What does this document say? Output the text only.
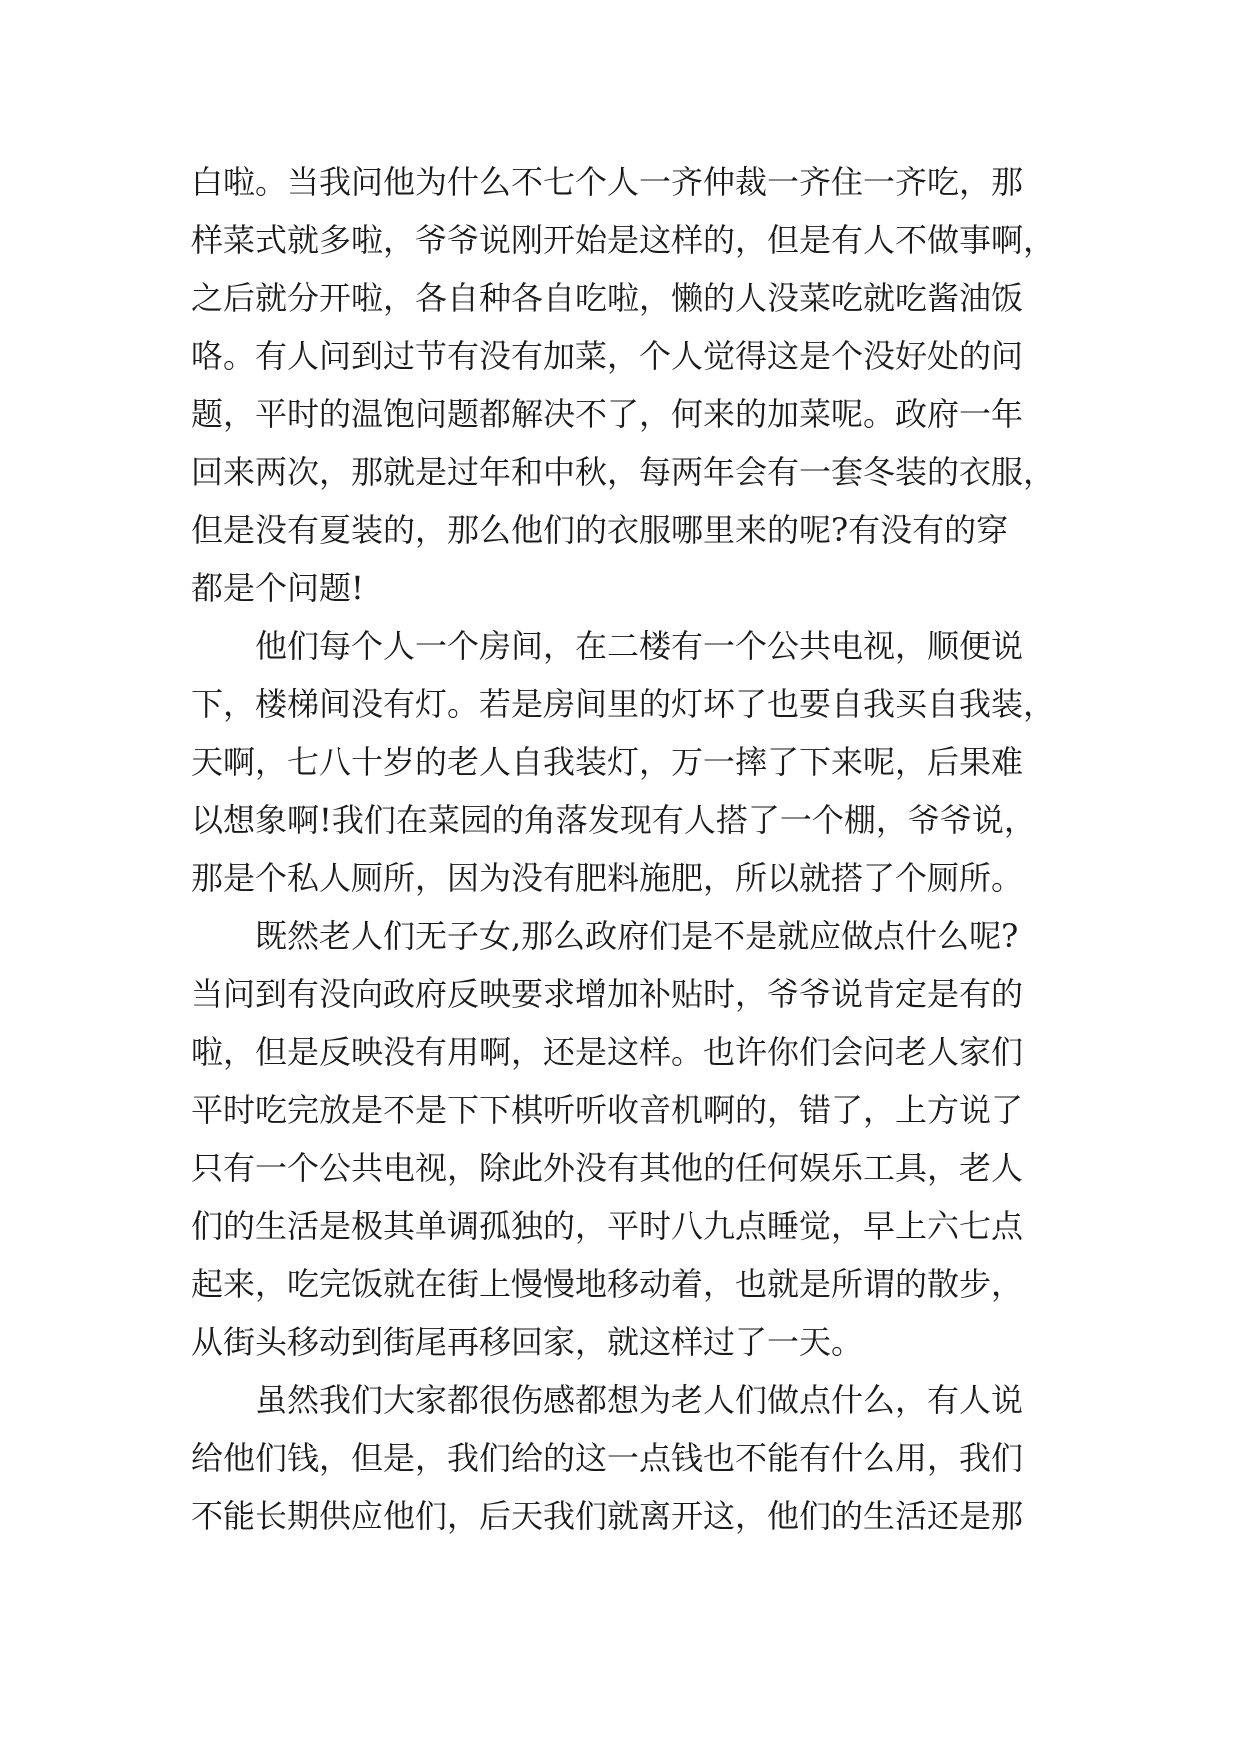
白啦。当我问他为什么不七个人一齐仲裁一齐住一齐吃，那
样菜式就多啦，爷爷说刚开始是这样的，但是有人不做事啊，
之后就分开啦，各自种各自吃啦，懒的人没菜吃就吃酱油饭
咯。有人问到过节有没有加菜，个人觉得这是个没好处的问
题，平时的温饱问题都解决不了，何来的加菜呢。政府一年
回来两次，那就是过年和中秋，每两年会有一套冬装的衣服，
但是没有夏装的，那么他们的衣服哪里来的呢?有没有的穿
都是个问题!
他们每个人一个房间，在二楼有一个公共电视，顺便说
下，楼梯间没有灯。若是房间里的灯坏了也要自我买自我装，
天啊，七八十岁的老人自我装灯，万一摔了下来呢，后果难
以想象啊!我们在菜园的角落发现有人搭了一个棚，爷爷说，
那是个私人厕所，因为没有肥料施肥，所以就搭了个厕所。
既然老人们无子女,那么政府们是不是就应做点什么呢?
当问到有没向政府反映要求增加补贴时，爷爷说肯定是有的
啦，但是反映没有用啊，还是这样。也许你们会问老人家们
平时吃完放是不是下下棋听听收音机啊的，错了，上方说了
只有一个公共电视，除此外没有其他的任何娱乐工具，老人
们的生活是极其单调孤独的，平时八九点睡觉，早上六七点
起来，吃完饭就在街上慢慢地移动着，也就是所谓的散步，
从街头移动到街尾再移回家，就这样过了一天。
虽然我们大家都很伤感都想为老人们做点什么，有人说
给他们钱，但是，我们给的这一点钱也不能有什么用，我们
不能长期供应他们，后天我们就离开这，他们的生活还是那
